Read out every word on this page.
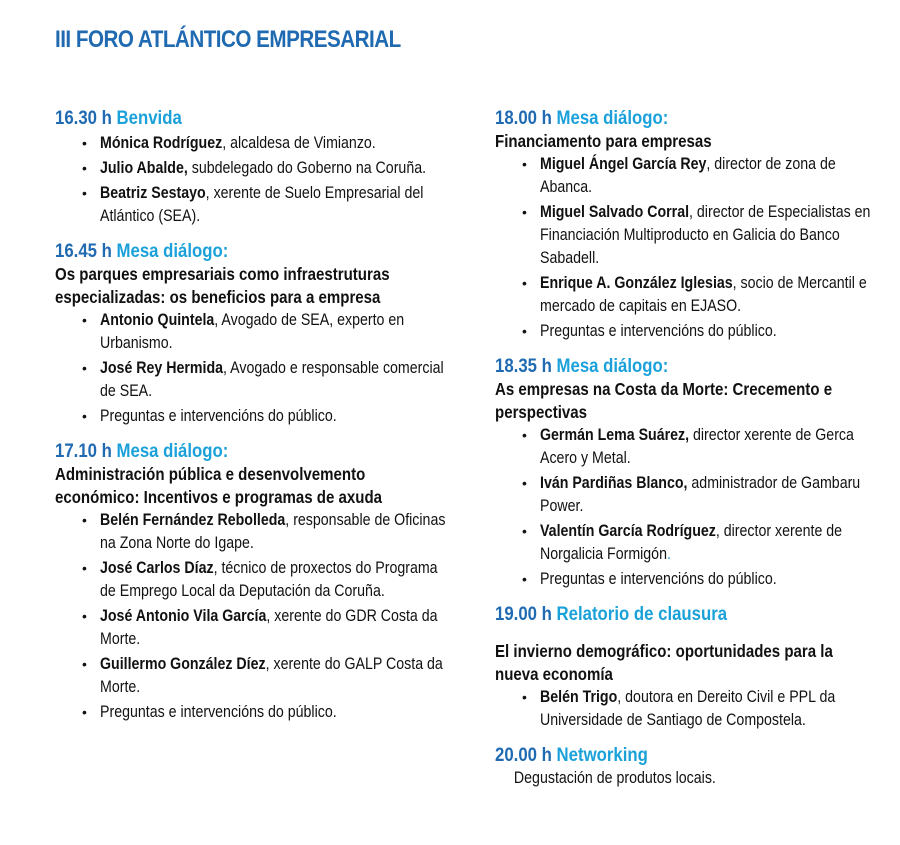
III FORO ATLÁNTICO EMPRESARIAL
16.30 h Benvida
• Mónica Rodríguez, alcaldesa de Vimianzo.
• Julio Abalde, subdelegado do Goberno na Coruña.
• Beatriz Sestayo, xerente de Suelo Empresarial del Atlántico (SEA).
16.45 h Mesa diálogo:
Os parques empresariais como infraestruturas especializadas: os beneficios para a empresa
• Antonio Quintela, Avogado de SEA, experto en Urbanismo.
• José Rey Hermida, Avogado e responsable comercial de SEA.
• Preguntas e intervencións do público.
17.10 h Mesa diálogo:
Administración pública e desenvolvemento económico: Incentivos e programas de axuda
• Belén Fernández Rebolleda, responsable de Oficinas na Zona Norte do Igape.
• José Carlos Díaz, técnico de proxectos do Programa de Emprego Local da Deputación da Coruña.
• José Antonio Vila García, xerente do GDR Costa da Morte.
• Guillermo González Díez, xerente do GALP Costa da Morte.
• Preguntas e intervencións do público.
18.00 h Mesa diálogo:
Financiamento para empresas
• Miguel Ángel García Rey, director de zona de Abanca.
• Miguel Salvado Corral, director de Especialistas en Financiación Multiproducto en Galicia do Banco Sabadell.
• Enrique A. González Iglesias, socio de Mercantil e mercado de capitais en EJASO.
• Preguntas e intervencións do público.
18.35 h Mesa diálogo:
As empresas na Costa da Morte: Crecemento e perspectivas
• Germán Lema Suárez, director xerente de Gerca Acero y Metal.
• Iván Pardiñas Blanco, administrador de Gambaru Power.
• Valentín García Rodríguez, director xerente de Norgalicia Formigón.
• Preguntas e intervencións do público.
19.00 h Relatorio de clausura
El invierno demográfico: oportunidades para la nueva economía
• Belén Trigo, doutora en Dereito Civil e PPL da Universidade de Santiago de Compostela.
20.00 h Networking
Degustación de produtos locais.
